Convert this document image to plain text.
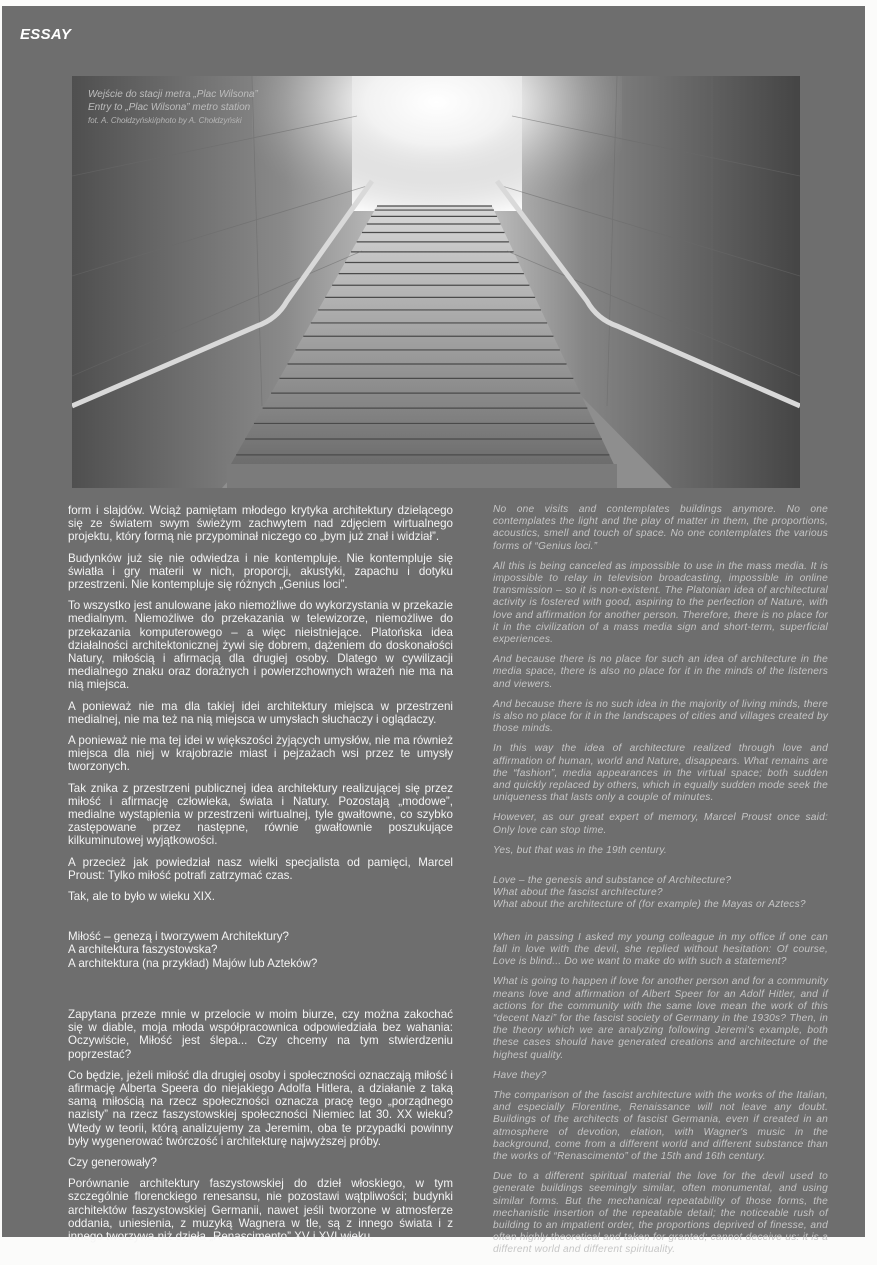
ESSAY
Wejście do stacji metra „Plac Wilsona”
Entry to „Plac Wilsona” metro station
fot. A. Chołdzyński/photo by A. Chołdzyński

form i slajdów. Wciąż pamiętam młodego krytyka architektury dzielącego się ze światem swym świeżym zachwytem nad zdjęciem wirtualnego projektu, który formą nie przypominał niczego co „bym już znał i widział”.

Budynków już się nie odwiedza i nie kontempluje. Nie kontempluje się światła i gry materii w nich, proporcji, akustyki, zapachu i dotyku przestrzeni. Nie kontempluje się różnych „Genius loci”.

To wszystko jest anulowane jako niemożliwe do wykorzystania w przekazie medialnym. Niemożliwe do przekazania w telewizorze, niemożliwe do przekazania komputerowego – a więc nieistniejące. Platońska idea działalności architektonicznej żywi się dobrem, dążeniem do doskonałości Natury, miłością i afirmacją dla drugiej osoby. Dlatego w cywilizacji medialnego znaku oraz doraźnych i powierzchownych wrażeń nie ma na nią miejsca.

A ponieważ nie ma dla takiej idei architektury miejsca w przestrzeni medialnej, nie ma też na nią miejsca w umysłach słuchaczy i oglądaczy.

A ponieważ nie ma tej idei w większości żyjących umysłów, nie ma również miejsca dla niej w krajobrazie miast i pejzażach wsi przez te umysły tworzonych.

Tak znika z przestrzeni publicznej idea architektury realizującej się przez miłość i afirmację człowieka, świata i Natury. Pozostają „modowe”, medialne wystąpienia w przestrzeni wirtualnej, tyle gwałtowne, co szybko zastępowane przez następne, równie gwałtownie poszukujące kilkuminutowej wyjątkowości.

A przecież jak powiedział nasz wielki specjalista od pamięci, Marcel Proust: Tylko miłość potrafi zatrzymać czas.

Tak, ale to było w wieku XIX.

Miłość – genezą i tworzywem Architektury?
A architektura faszystowska?
A architektura (na przykład) Majów lub Azteków?

Zapytana przeze mnie w przelocie w moim biurze, czy można zakochać się w diable, moja młoda współpracownica odpowiedziała bez wahania: Oczywiście, Miłość jest ślepa... Czy chcemy na tym stwierdzeniu poprzestać?

Co będzie, jeżeli miłość dla drugiej osoby i społeczności oznaczają miłość i afirmację Alberta Speera do niejakiego Adolfa Hitlera, a działanie z taką samą miłością na rzecz społeczności oznacza pracę tego „porządnego nazisty” na rzecz faszystowskiej społeczności Niemiec lat 30. XX wieku? Wtedy w teorii, którą analizujemy za Jeremim, oba te przypadki powinny były wygenerować twórczość i architekturę najwyższej próby.

Czy generowały?

Porównanie architektury faszystowskiej do dzieł włoskiego, w tym szczególnie florenckiego renesansu, nie pozostawi wątpliwości; budynki architektów faszystowskiej Germanii, nawet jeśli tworzone w atmosferze oddania, uniesienia, z muzyką Wagnera w tle, są z innego świata i z innego tworzywa niż dzieła „Renascimento” XV i XVI wieku.

No one visits and contemplates buildings anymore. No one contemplates the light and the play of matter in them, the proportions, acoustics, smell and touch of space. No one contemplates the various forms of “Genius loci.”

All this is being canceled as impossible to use in the mass media. It is impossible to relay in television broadcasting, impossible in online transmission – so it is non-existent. The Platonian idea of architectural activity is fostered with good, aspiring to the perfection of Nature, with love and affirmation for another person. Therefore, there is no place for it in the civilization of a mass media sign and short-term, superficial experiences.

And because there is no place for such an idea of architecture in the media space, there is also no place for it in the minds of the listeners and viewers.

And because there is no such idea in the majority of living minds, there is also no place for it in the landscapes of cities and villages created by those minds.

In this way the idea of architecture realized through love and affirmation of human, world and Nature, disappears. What remains are the “fashion”, media appearances in the virtual space; both sudden and quickly replaced by others, which in equally sudden mode seek the uniqueness that lasts only a couple of minutes.

However, as our great expert of memory, Marcel Proust once said: Only love can stop time.

Yes, but that was in the 19th century.

Love – the genesis and substance of Architecture?
What about the fascist architecture?
What about the architecture of (for example) the Mayas or Aztecs?

When in passing I asked my young colleague in my office if one can fall in love with the devil, she replied without hesitation: Of course, Love is blind... Do we want to make do with such a statement?

What is going to happen if love for another person and for a community means love and affirmation of Albert Speer for an Adolf Hitler, and if actions for the community with the same love mean the work of this “decent Nazi” for the fascist society of Germany in the 1930s? Then, in the theory which we are analyzing following Jeremi's example, both these cases should have generated creations and architecture of the highest quality.

Have they?

The comparison of the fascist architecture with the works of the Italian, and especially Florentine, Renaissance will not leave any doubt. Buildings of the architects of fascist Germania, even if created in an atmosphere of devotion, elation, with Wagner's music in the background, come from a different world and different substance than the works of “Renascimento” of the 15th and 16th century.

Due to a different spiritual material the love for the devil used to generate buildings seemingly similar, often monumental, and using similar forms. But the mechanical repeatability of those forms, the mechanistic insertion of the repeatable detail; the noticeable rush of building to an impatient order, the proportions deprived of finesse, and often highly theoretical and taken for granted; cannot deceive us: it is a different world and different spirituality.
